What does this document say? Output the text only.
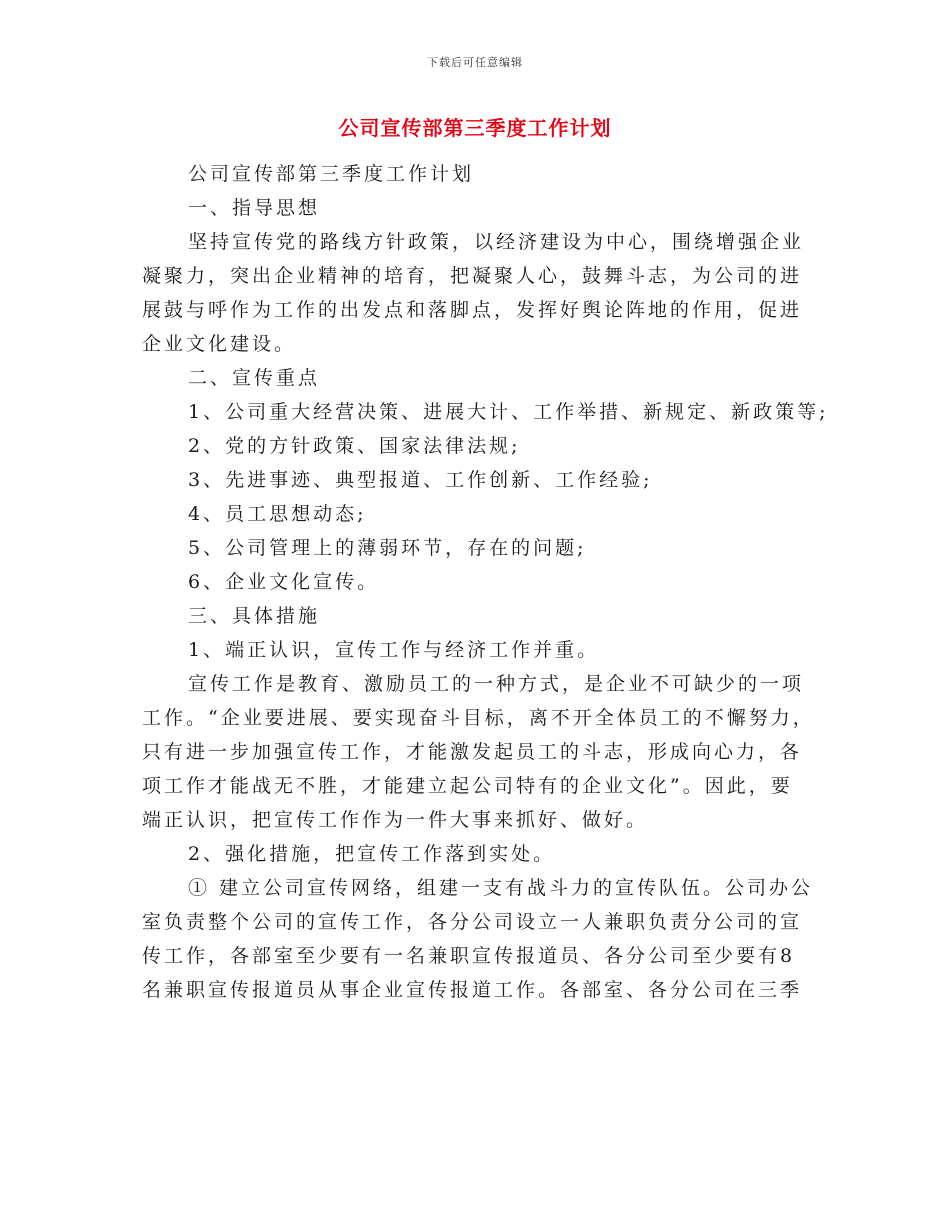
下载后可任意编辑
公司宣传部第三季度工作计划

公司宣传部第三季度工作计划

一、指导思想

坚持宣传党的路线方针政策，以经济建设为中心，围绕增强企业

凝聚力，突出企业精神的培育，把凝聚人心，鼓舞斗志，为公司的进

展鼓与呼作为工作的出发点和落脚点，发挥好舆论阵地的作用，促进

企业文化建设。

二、宣传重点

1、公司重大经营决策、进展大计、工作举措、新规定、新政策等;

2、党的方针政策、国家法律法规;

3、先进事迹、典型报道、工作创新、工作经验;

4、员工思想动态;

5、公司管理上的薄弱环节，存在的问题;

6、企业文化宣传。

三、具体措施

1、端正认识，宣传工作与经济工作并重。

宣传工作是教育、激励员工的一种方式，是企业不可缺少的一项

工作。“企业要进展、要实现奋斗目标，离不开全体员工的不懈努力，

只有进一步加强宣传工作，才能激发起员工的斗志，形成向心力，各

项工作才能战无不胜，才能建立起公司特有的企业文化”。因此，要

端正认识，把宣传工作作为一件大事来抓好、做好。

2、强化措施，把宣传工作落到实处。

① 建立公司宣传网络，组建一支有战斗力的宣传队伍。公司办公

室负责整个公司的宣传工作，各分公司设立一人兼职负责分公司的宣

传工作，各部室至少要有一名兼职宣传报道员、各分公司至少要有8

名兼职宣传报道员从事企业宣传报道工作。各部室、各分公司在三季
